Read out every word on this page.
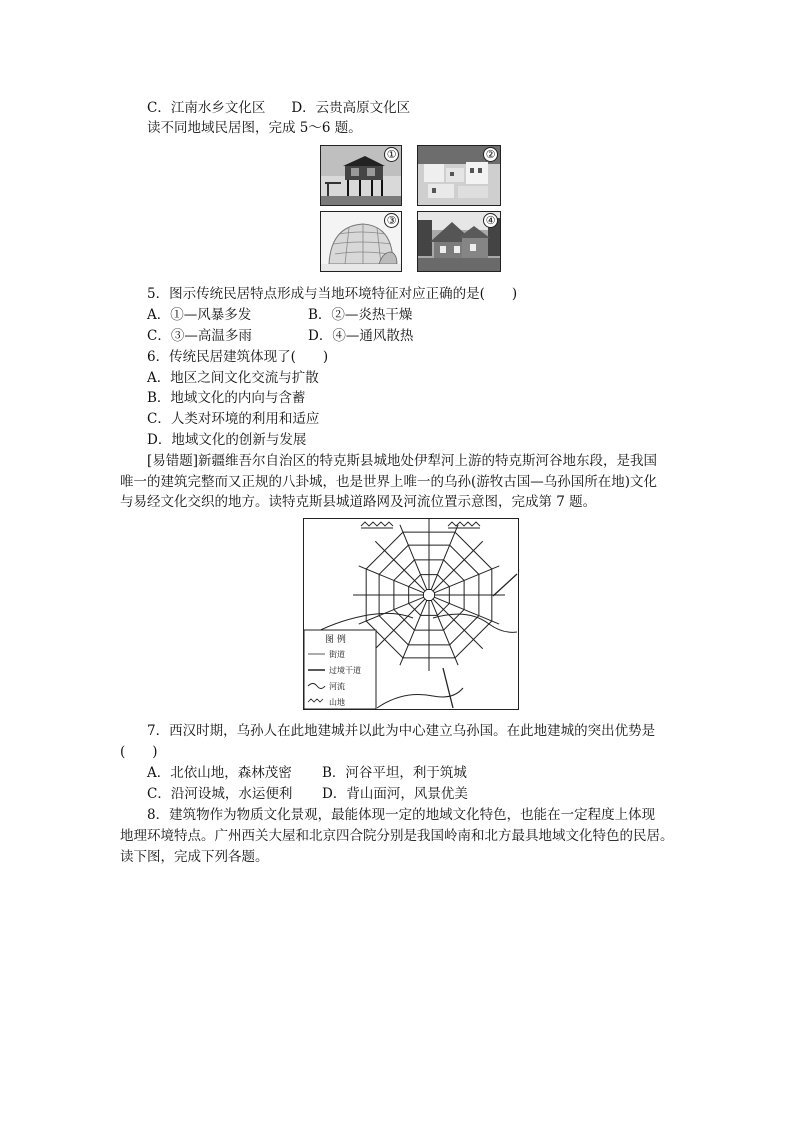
C．江南水乡文化区 D．云贵高原文化区
读不同地域民居图，完成 5～6 题。
①	②
③	④
5．图示传统民居特点形成与当地环境特征对应正确的是(　　)
A．①—风暴多发	B．②—炎热干燥
C．③—高温多雨	D．④—通风散热
6．传统民居建筑体现了(　　)
A．地区之间文化交流与扩散
B．地域文化的内向与含蓄
C．人类对环境的利用和适应
D．地域文化的创新与发展
[易错题]新疆维吾尔自治区的特克斯县城地处伊犁河上游的特克斯河谷地东段，是我国
唯一的建筑完整而又正规的八卦城，也是世界上唯一的乌孙(游牧古国—乌孙国所在地)文化
与易经文化交织的地方。读特克斯县城道路网及河流位置示意图，完成第 7 题。
图 例
街道
过境干道
河流
山地
7．西汉时期，乌孙人在此地建城并以此为中心建立乌孙国。在此地建城的突出优势是
(　　)
A．北依山地，森林茂密 B．河谷平坦，利于筑城
C．沿河设城，水运便利 D．背山面河，风景优美
8．建筑物作为物质文化景观，最能体现一定的地域文化特色，也能在一定程度上体现
地理环境特点。广州西关大屋和北京四合院分别是我国岭南和北方最具地域文化特色的民居。
读下图，完成下列各题。
